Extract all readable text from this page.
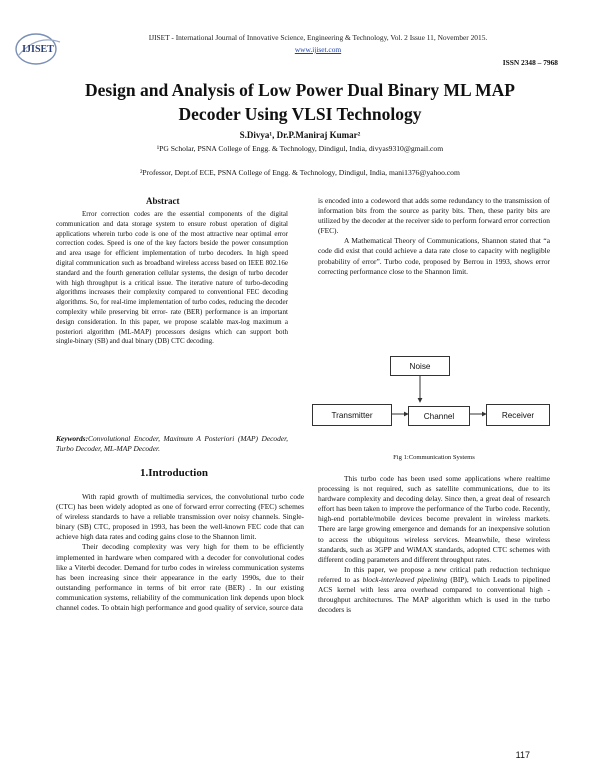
IJISET
IJISET - International Journal of Innovative Science, Engineering & Technology, Vol. 2 Issue 11, November 2015.
www.ijiset.com
ISSN 2348 – 7968
Design and Analysis of Low Power Dual Binary ML MAP
Decoder Using VLSI Technology
S.Divya¹, Dr.P.Maniraj Kumar²
¹PG Scholar, PSNA College of Engg. & Technology, Dindigul, India, divyas9310@gmail.com
²Professor, Dept.of ECE, PSNA College of Engg. & Technology, Dindigul, India, mani1376@yahoo.com
Abstract

Error correction codes are the essential components of the digital communication and data storage system to ensure robust operation of digital applications wherein turbo code is one of the most attractive near optimal error correction codes. Speed is one of the key factors beside the power consumption and area usage for efficient implementation of turbo decoders. In high speed digital communication such as broadband wireless access based on IEEE 802.16e standard and the fourth generation cellular systems, the design of turbo decoder with high throughput is a critical issue. The iterative nature of turbo-decoding algorithms increases their complexity compared to conventional FEC decoding algorithms. So, for real-time implementation of turbo codes, reducing the decoder complexity while preserving bit error- rate (BER) performance is an important design consideration. In this paper, we propose scalable max-log maximum a posteriori algorithm (ML-MAP) processors designs which can support both single-binary (SB) and dual binary (DB) CTC decoding.

Keywords:Convolutional Encoder, Maximum A Posteriori (MAP) Decoder, Turbo Decoder, ML-MAP Decoder.
1.Introduction

With rapid growth of multimedia services, the convolutional turbo code (CTC) has been widely adopted as one of forward error correcting (FEC) schemes of wireless standards to have a reliable transmission over noisy channels. Single-binary (SB) CTC, proposed in 1993, has been the well-known FEC code that can achieve high data rates and coding gains close to the Shannon limit.

Their decoding complexity was very high for them to be efficiently implemented in hardware when compared with a decoder for convolutional codes like a Viterbi decoder. Demand for turbo codes in wireless communication systems has been increasing since their appearance in the early 1990s, due to their outstanding performance in terms of bit error rate (BER) . In our existing communication systems, reliability of the communication link depends upon block channel codes. To obtain high performance and good quality of service, source data

is encoded into a codeword that adds some redundancy to the transmission of information bits from the source as parity bits. Then, these parity bits are utilized by the decoder at the receiver side to perform forward error correction (FEC).

A Mathematical Theory of Communications, Shannon stated that “a code did exist that could achieve a data rate close to capacity with negligible probability of error”. Turbo code, proposed by Berrou in 1993, shows error correcting performance close to the Shannon limit.

Noise
Transmitter	Channel	Receiver
Fig 1:Communication Systems

This turbo code has been used some applications where realtime processing is not required, such as satellite communications, due to its hardware complexity and decoding delay. Since then, a great deal of research effort has been taken to improve the performance of the Turbo code. Recently, high-end portable/mobile devices become prevalent in wireless markets. There are large growing emergence and demands for an inexpensive solution to access the ubiquitous wireless services. Meanwhile, these wireless standards, such as 3GPP and WiMAX standards, adopted CTC schemes with different coding parameters and different throughput rates.

In this paper, we propose a new critical path reduction technique referred to as block-interleaved pipelining (BIP), which Leads to pipelined ACS kernel with less area overhead compared to conventional high - throughput architectures. The MAP algorithm which is used in the turbo decoders is

117
